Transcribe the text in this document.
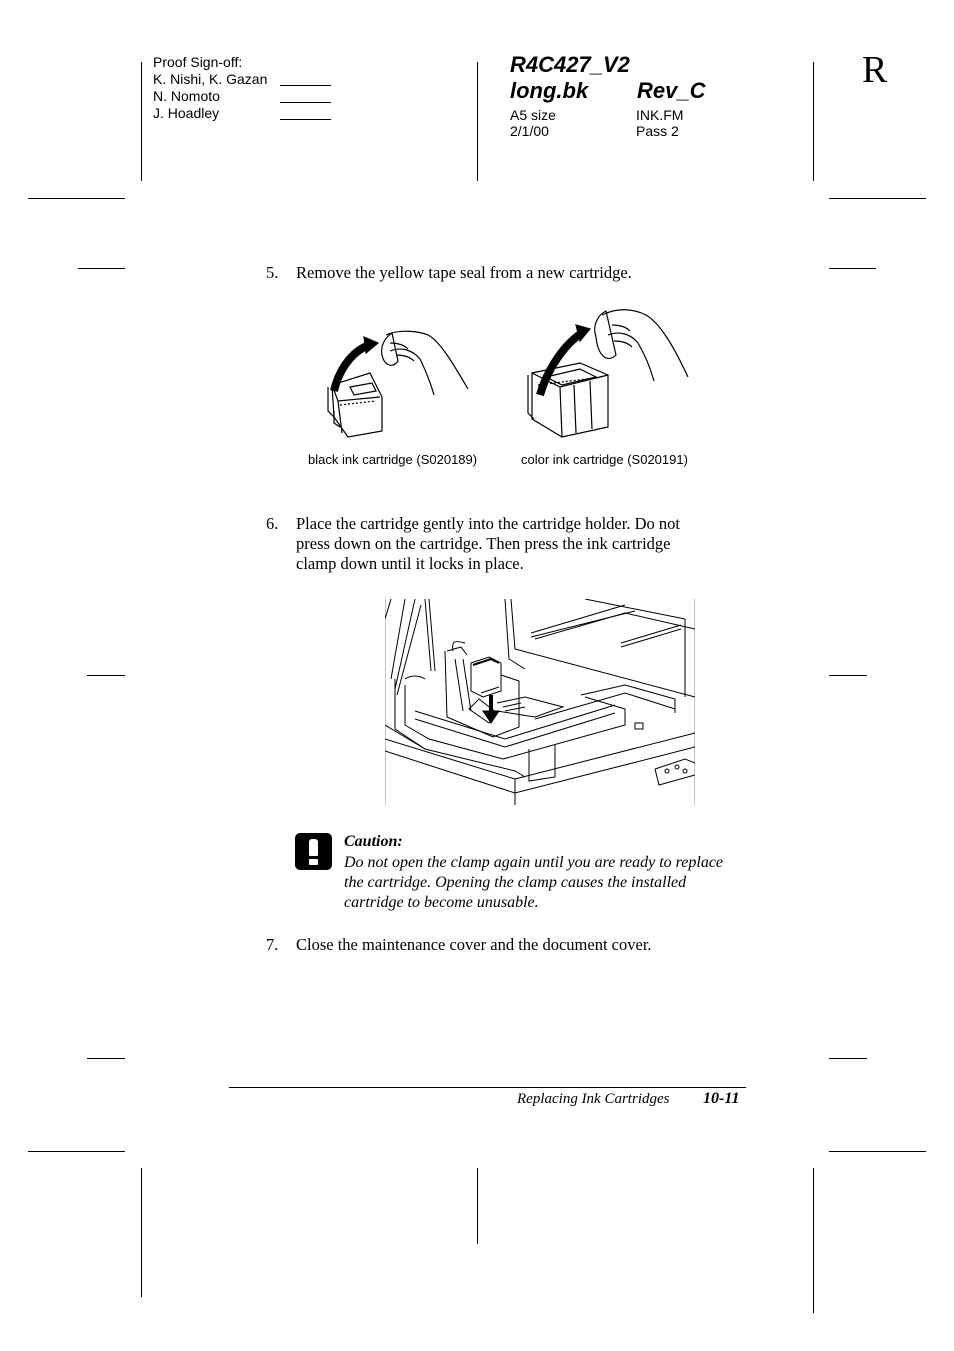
Proof Sign-off:
K. Nishi, K. Gazan
N. Nomoto
J. Hoadley
R4C427_V2
long.bk Rev_C
A5 size	INK.FM
2/1/00	Pass 2
R
5. Remove the yellow tape seal from a new cartridge.
black ink cartridge (S020189)	color ink cartridge (S020191)
6. Place the cartridge gently into the cartridge holder. Do not
press down on the cartridge. Then press the ink cartridge
clamp down until it locks in place.
Caution:
Do not open the clamp again until you are ready to replace
the cartridge. Opening the clamp causes the installed
cartridge to become unusable.
7. Close the maintenance cover and the document cover.
Replacing Ink Cartridges 10-11
